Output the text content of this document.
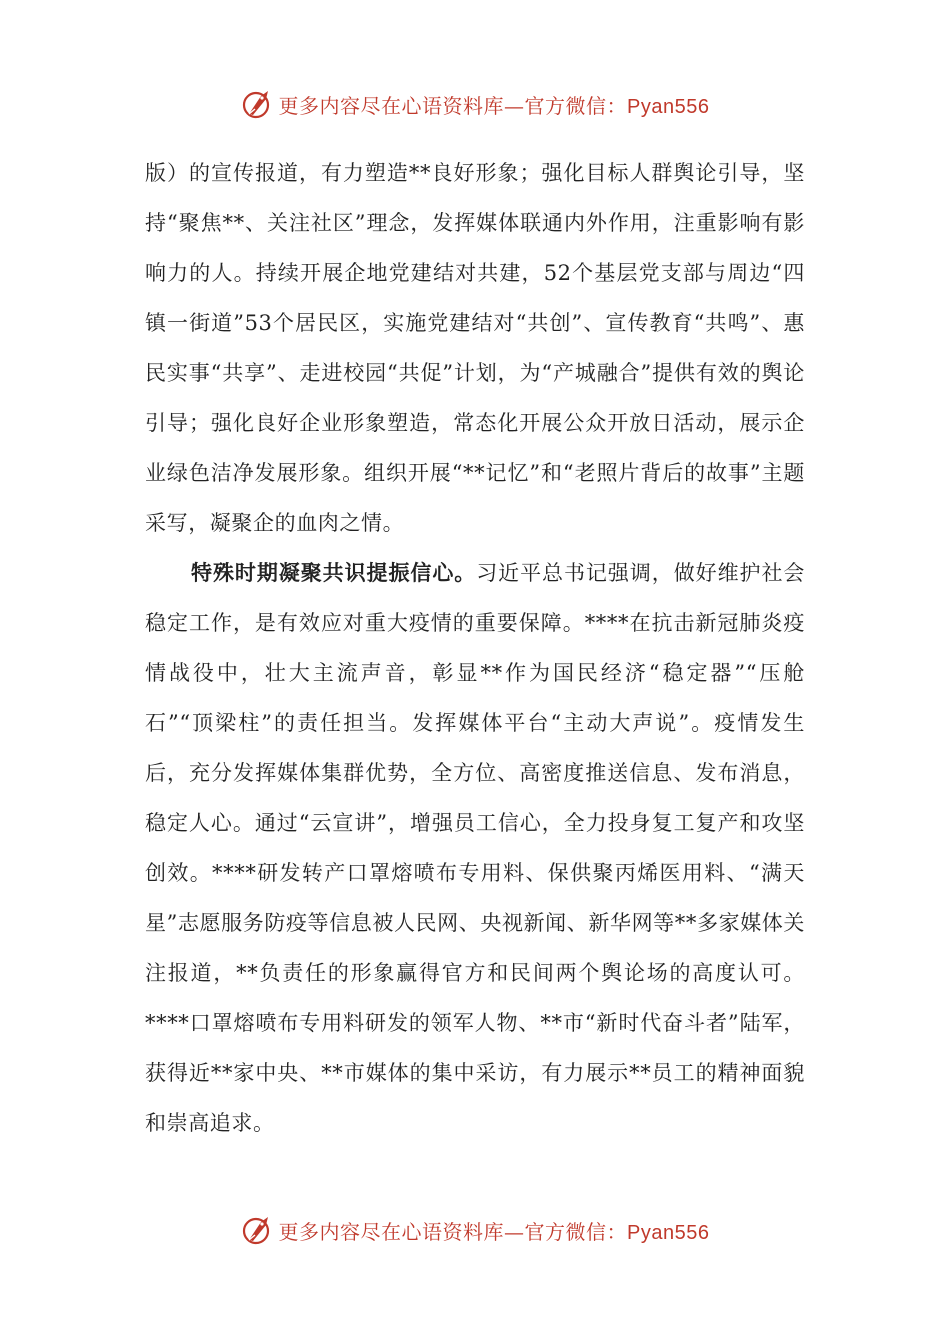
更多内容尽在心语资料库—官方微信：Pyan556

版）的宣传报道，有力塑造**良好形象；强化目标人群舆论引导，坚持“聚焦**、关注社区”理念，发挥媒体联通内外作用，注重影响有影响力的人。持续开展企地党建结对共建，52个基层党支部与周边“四镇一街道”53个居民区，实施党建结对“共创”、宣传教育“共鸣”、惠民实事“共享”、走进校园“共促”计划，为“产城融合”提供有效的舆论引导；强化良好企业形象塑造，常态化开展公众开放日活动，展示企业绿色洁净发展形象。组织开展“**记忆”和“老照片背后的故事”主题采写，凝聚企的血肉之情。

特殊时期凝聚共识提振信心。习近平总书记强调，做好维护社会稳定工作，是有效应对重大疫情的重要保障。****在抗击新冠肺炎疫情战役中，壮大主流声音，彰显**作为国民经济“稳定器”“压舱石”“顶梁柱”的责任担当。发挥媒体平台“主动大声说”。疫情发生后，充分发挥媒体集群优势，全方位、高密度推送信息、发布消息，稳定人心。通过“云宣讲”，增强员工信心，全力投身复工复产和攻坚创效。****研发转产口罩熔喷布专用料、保供聚丙烯医用料、“满天星”志愿服务防疫等信息被人民网、央视新闻、新华网等**多家媒体关注报道，**负责任的形象赢得官方和民间两个舆论场的高度认可。****口罩熔喷布专用料研发的领军人物、**市“新时代奋斗者”陆军，获得近**家中央、**市媒体的集中采访，有力展示**员工的精神面貌和崇高追求。

更多内容尽在心语资料库—官方微信：Pyan556
